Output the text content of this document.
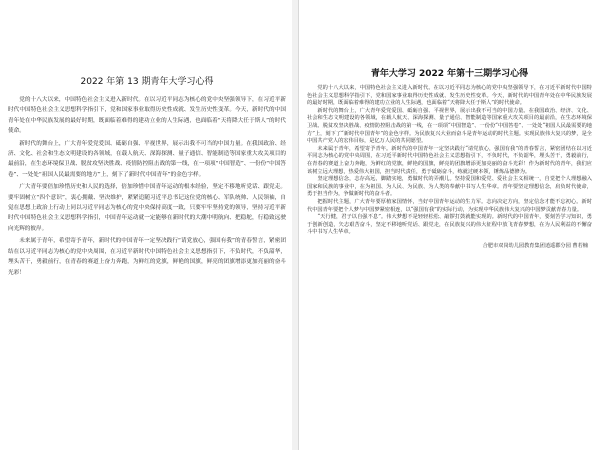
2022 年第 13 期青年大学习心得

党的十八大以来，中国特色社会主义进入新时代。在以习近平同志为核心的党中央坚强领导下，在习近平新时代中国特色社会主义思想科学指引下，党和国家事业取得历史性成就、发生历史性变革。今天，新时代的中国青年处在中华民族发展的最好时期，既面临着难得的建功立业的人生际遇，也面临着“天将降大任于斯人”的时代使命。

新时代的舞台上，广大青年爱党爱国、砥砺自强、平视世界，展示出我不可当的中国力量。在我国政治、经济、文化、社会和生态文明建设的各领域，在载人航天、深海探测、量子通信、智能制造等国家重大攻关项目的最前沿，在生态环境保卫战、脱贫攻坚决胜战、疫情防控阻击战的第一线，在一项项“中国智造”、一份份“中国答卷”、一处处“祖国人民最需要的地方”上，刻下了新时代中国青年”的金色字样。

广大青年要倍加珍惜历史和人民的选择，倍加珍惜中国青年运动的根本经验，坚定不移地听党话、跟党走。要牢固树立“四个意识”，衷心拥戴、坚决维护，紧紧追随习近平总书记这位党的核心、军队统帅、人民领袖，自觉在思想上政治上行动上同以习近平同志为核心的党中央保持高度一致，只要牢牢坚持党的领导，坚持习近平新时代中国特色社会主义思想科学指引，中国青年运动就一定能够在新时代的大潮中明航向、把稳舵，行稳致远驶向光辉的彼岸。

未来属于青年，希望寄予青年，新时代的中国青年一定坚决践行“请党放心，强国有我”的青春誓言，紧密团结在以习近平同志为核心的党中央周围，在习近平新时代中国特色社会主义思想指引下，不负时代，不负韶华，埋头苦干，勇毅前行，在青春的赛道上奋力奔跑，为鲜红的党旗，鲜艳的国旗，鲜亮的团旗增添更加亮丽的奋斗光彩！

青年大学习 2022 年第十三期学习心得

党的十八大以来，中国特色社会主义进入新时代。在以习近平同志为核心的党中央坚强领导下，在习近平新时代中国特色社会主义思想科学指引下，党和国家事业取得历史性成就、发生历史性变革。今天，新时代的中国青年处在中华民族发展的最好时期，既面临着难得的建功立业的人生际遇，也面临着“天将降大任于斯人”的时代使命。

新时代的舞台上，广大青年爱党爱国、砥砺自强、平视世界，展示出我不可当的中国力量。在我国政治、经济、文化、社会和生态文明建设的各领域，在载人航天、深海探测、量子通信、智能制造等国家重大攻关项目的最前沿，在生态环境保卫战、脱贫攻坚决胜战、疫情防控阻击战的第一线，在一项项“中国智造”、一份份“中国答卷”、一处处“祖国人民最需要的地方”上，刻下了“新时代中国青年”的金色字样。为民族复兴大业而奋斗是青年运动的时代主题。实现民族伟大复兴的梦，是全中国共产党人的宏伟目标，是亿万人民的共同愿望。

未来属于青年，希望寄予青年。新时代的中国青年一定坚决践行“请党放心，强国有我”的青春誓言，紧密团结在以习近平同志为核心的党中央周围，在习近平新时代中国特色社会主义思想指引下，不负时代，不负韶华，埋头苦干，勇毅前行，在青春的赛道上奋力奔跑，为鲜红的党旗，鲜艳的国旗，鲜亮的团旗增添更加亮丽的奋斗光彩！作为新时代的青年，我们应该树立远大理想，热爱伟大祖国，担当时代责任，勇于砥砺奋斗，练就过硬本领，锤炼品德修为。

坚定理想信念，志存高远，脚踏实地，勇做时代的弄潮儿。坚持爱国和爱党、爱社会主义相统一，自觉把个人理想融入国家和民族的事业中，在为祖国、为人民、为民族、为人类的奉献中书写人生华章。青年要坚定理想信念，肩负时代使命，勇于担当作为，争做新时代的奋斗者。

把握时代主题，广大青年要厚植家国情怀，当好中国青年运动的生力军。志向决定方向，坚定信念才能不忘初心。新时代中国青年要把个人梦与中国梦紧密相连，以“强国有我”的实际行动，为实现中华民族伟大复兴的中国梦贡献青春力量。

“天行健，君子以自强不息”。伟大梦想不是轻轻松松、敲锣打鼓就能实现的。新时代的中国青年，要刻苦学习知识，勇于创新创造，矢志艰苦奋斗，坚定不移地听党话、跟党走，在民族复兴的伟大征程中放飞青春梦想，在为人民利益的不懈奋斗中书写人生华章。

合肥市双岗幼儿园教育集团逍遥郡分园 曹若楠
